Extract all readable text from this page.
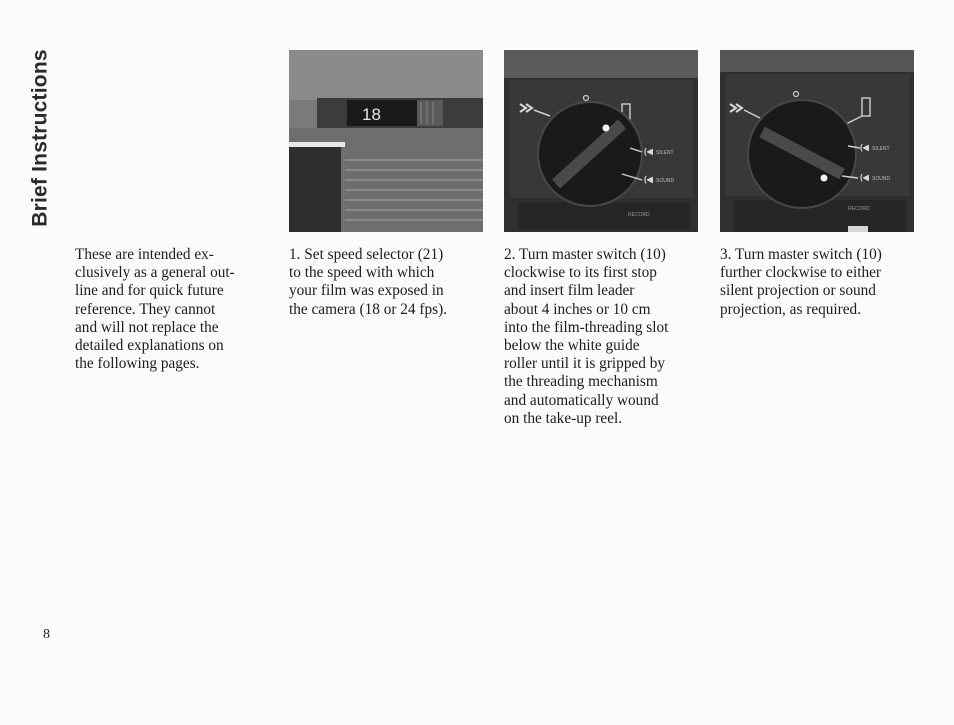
Brief Instructions

These are intended ex-
clusively as a general out-
line and for quick future
reference. They cannot
and will not replace the
detailed explanations on
the following pages.

18
(◀ SILENT
(◀ SOUND
RECORD
(◀ SILENT
(◀ SOUND
RECORD

1. Set speed selector (21)
to the speed with which
your film was exposed in
the camera (18 or 24 fps).

2. Turn master switch (10)
clockwise to its first stop
and insert film leader
about 4 inches or 10 cm
into the film-threading slot
below the white guide
roller until it is gripped by
the threading mechanism
and automatically wound
on the take-up reel.

3. Turn master switch (10)
further clockwise to either
silent projection or sound
projection, as required.

8
